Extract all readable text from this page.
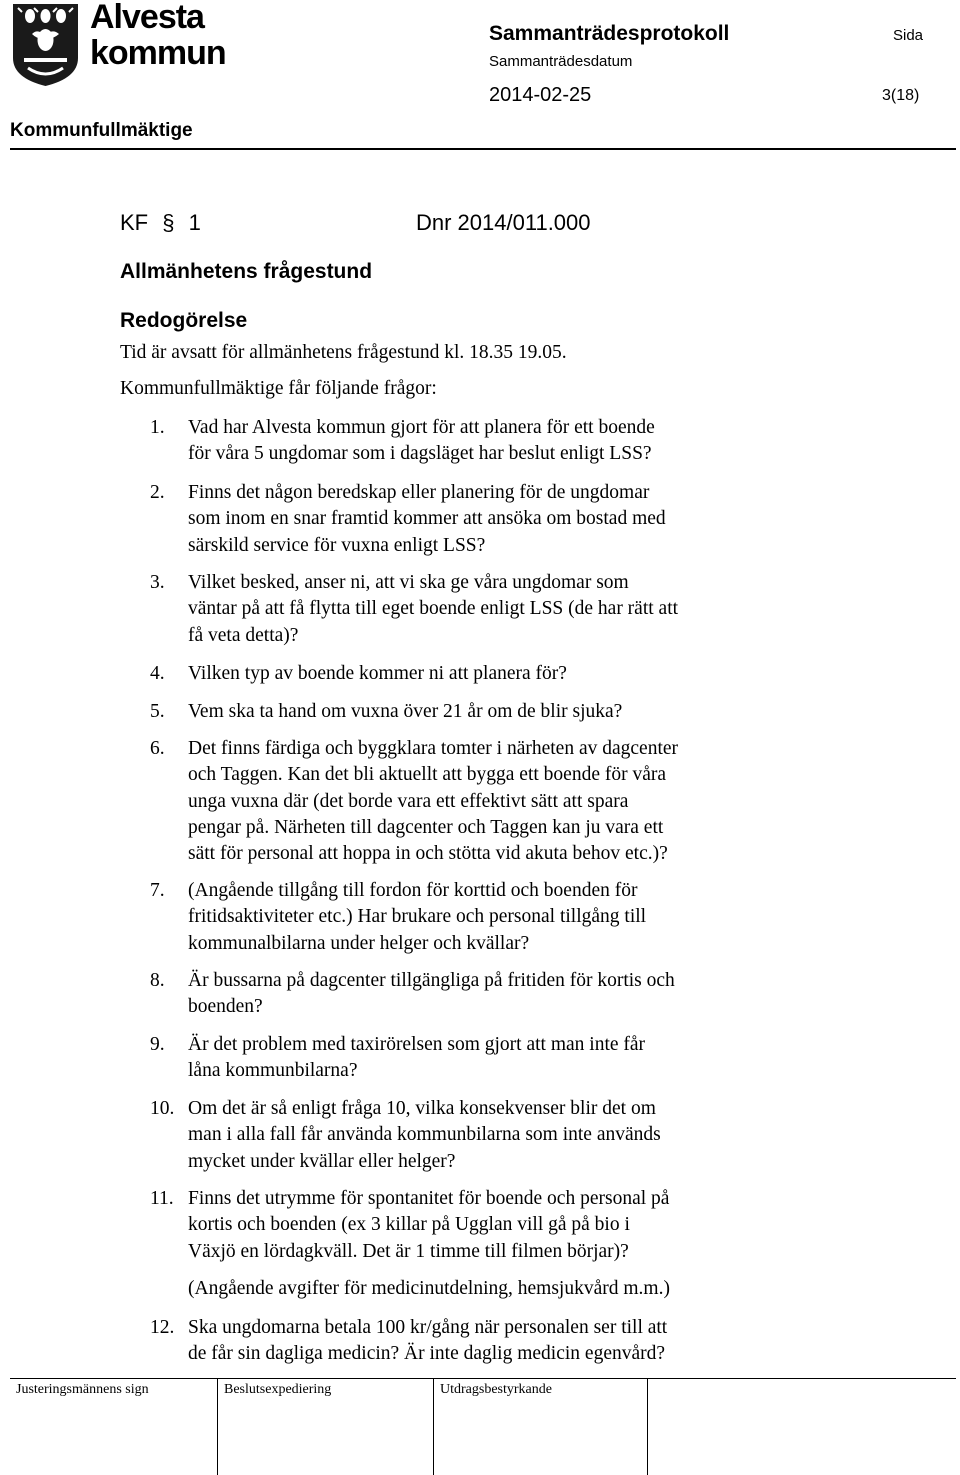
Alvesta
kommun
Sammanträdesprotokoll	Sida
Sammanträdesdatum
2014-02-25	3(18)
Kommunfullmäktige
KF § 1	Dnr 2014/011.000
Allmänhetens frågestund
Redogörelse
Tid är avsatt för allmänhetens frågestund kl. 18.35 19.05.
Kommunfullmäktige får följande frågor:
1. Vad har Alvesta kommun gjort för att planera för ett boende
för våra 5 ungdomar som i dagsläget har beslut enligt LSS?
2. Finns det någon beredskap eller planering för de ungdomar
som inom en snar framtid kommer att ansöka om bostad med
särskild service för vuxna enligt LSS?
3. Vilket besked, anser ni, att vi ska ge våra ungdomar som
väntar på att få flytta till eget boende enligt LSS (de har rätt att
få veta detta)?
4. Vilken typ av boende kommer ni att planera för?
5. Vem ska ta hand om vuxna över 21 år om de blir sjuka?
6. Det finns färdiga och byggklara tomter i närheten av dagcenter
och Taggen. Kan det bli aktuellt att bygga ett boende för våra
unga vuxna där (det borde vara ett effektivt sätt att spara
pengar på. Närheten till dagcenter och Taggen kan ju vara ett
sätt för personal att hoppa in och stötta vid akuta behov etc.)?
7. (Angående tillgång till fordon för korttid och boenden för
fritidsaktiviteter etc.) Har brukare och personal tillgång till
kommunalbilarna under helger och kvällar?
8. Är bussarna på dagcenter tillgängliga på fritiden för kortis och
boenden?
9. Är det problem med taxirörelsen som gjort att man inte får
låna kommunbilarna?
10. Om det är så enligt fråga 10, vilka konsekvenser blir det om
man i alla fall får använda kommunbilarna som inte används
mycket under kvällar eller helger?
11. Finns det utrymme för spontanitet för boende och personal på
kortis och boenden (ex 3 killar på Ugglan vill gå på bio i
Växjö en lördagkväll. Det är 1 timme till filmen börjar)?
(Angående avgifter för medicinutdelning, hemsjukvård m.m.)
12. Ska ungdomarna betala 100 kr/gång när personalen ser till att
de får sin dagliga medicin? Är inte daglig medicin egenvård?
Justeringsmännens sign	Beslutsexpediering	Utdragsbestyrkande
